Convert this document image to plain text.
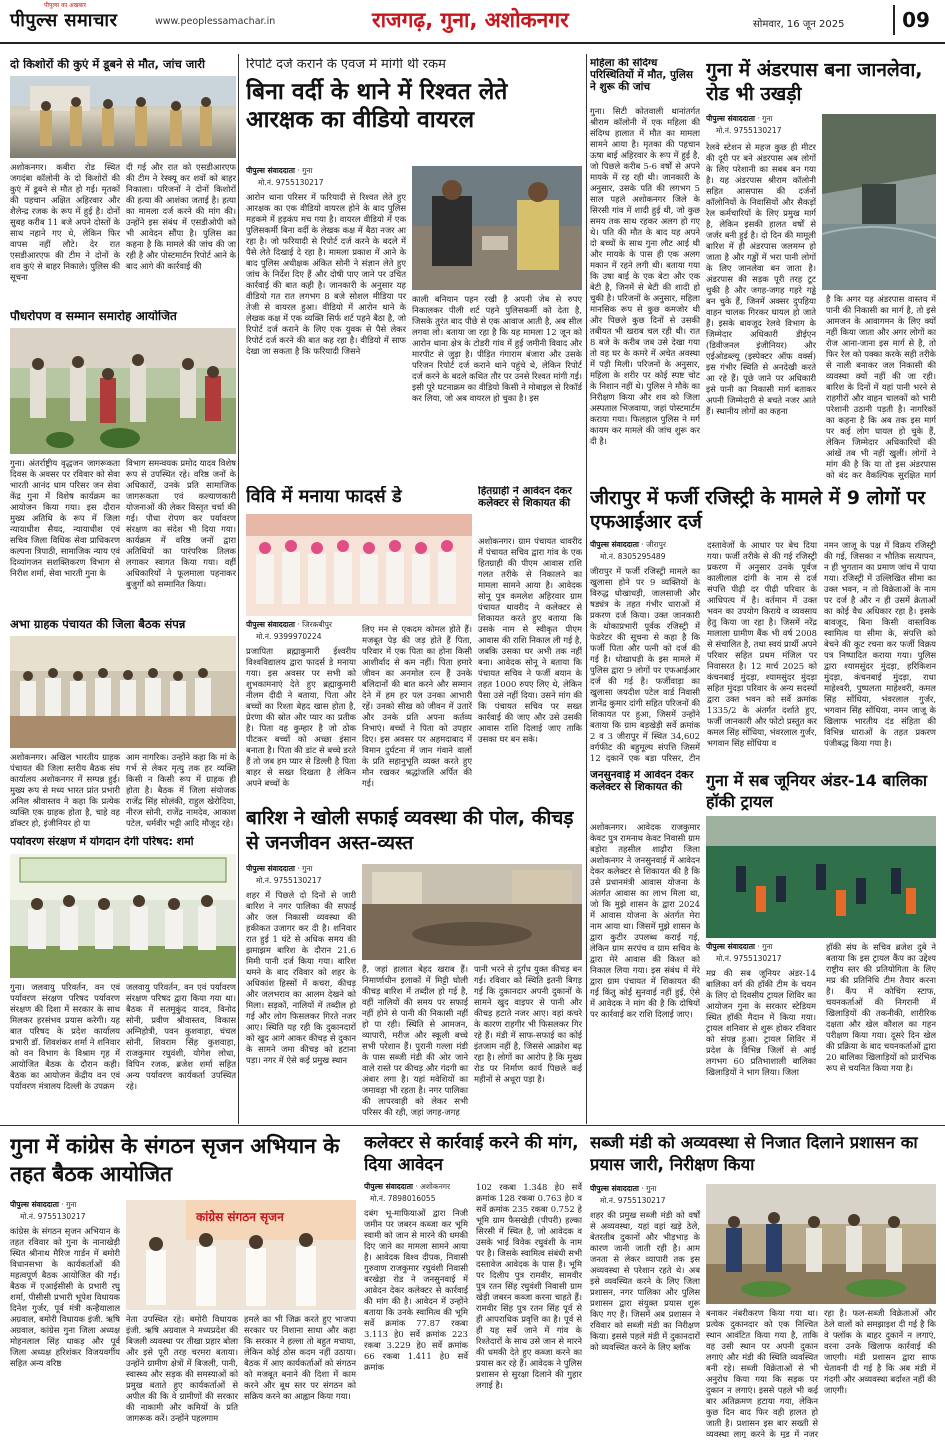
पीपुल्स समाचार
पीपुल्स का अखबार
www.peoplessamachar.in	राजगढ़, गुना, अशोकनगर	सोमवार, 16 जून 2025	09
दो किशोरों की कुएं में डूबने से मौत, जांच जारी
अशोकनगर। कबीरा रोड स्थित जगदंबा कॉलोनी के दो किशोरों की कुएं में डूबने से मौत हो गई। मृतकों की पहचान अक्षित अहिरवार और शैलेन्द्र रजक के रूप में हुई है। दोनों सुबह करीब 11 बजे अपने दोस्तों के साथ नहाने गए थे, लेकिन फिर वापस नहीं लौटे। देर रात एसडीआरएफ की टीम ने दोनों के शव कुएं से बाहर निकाले। पुलिस की सूचना
दी गई और रात को एसडीआरएफ की टीम ने रेस्क्यू कर शवों को बाहर निकाला। परिजनों ने दोनों किशोरों की हत्या की आशंका जताई है। हत्या का मामला दर्ज करने की मांग की। उन्होंने इस संबंध में एसडीओपी को भी आवेदन सौंपा है। पुलिस का कहना है कि मामले की जांच की जा रही है और पोस्टमार्टम रिपोर्ट आने के बाद आगे की कार्रवाई की
पौधरोपण व सम्मान समारोह आयोजित
गुना। अंतर्राष्ट्रीय वृद्धजन जागरूकता दिवस के अवसर पर रविवार को सेवा भारती आनंद धाम परिसर जन सेवा केंद्र गुना में विशेष कार्यक्रम का आयोजन किया गया। इस दौरान मुख्य अतिथि के रूप में जिला न्यायाधीश सैयद, न्यायाधीश एवं सचिव जिला विधिक सेवा प्राधिकरण कल्पना त्रिपाठी, सामाजिक न्याय एवं दिव्यांगजन सशक्तिकरण विभाग से निरीश शर्मा, सेवा भारती गुना के
विभाग समन्वयक प्रमोद यादव विशेष रूप से उपस्थित रहे। वरिष्ठ जनों के अधिकारों, उनके प्रति सामाजिक जागरूकता एवं कल्याणकारी योजनाओं की लेकर विस्तृत चर्चा की गई। पौधा रोपण कर पर्यावरण संरक्षण का संदेश भी दिया गया। कार्यक्रम में वरिष्ठ जनों द्वारा अतिथियों का पारंपरिक तिलक लगाकर स्वागत किया गया। वहीं अधिकारियों ने फूलमाला पहनाकर बुजुर्गों को सम्मानित किया।
अभा ग्राहक पंचायत की जिला बैठक संपन्न
अशोकनगर। अखिल भारतीय ग्राहक पंचायत की जिला स्तरीय बैठक संघ कार्यालय अशोकनगर में सम्पन्न हुई। मुख्य रूप से मध्य भारत प्रांत प्रभारी अनिल श्रीवास्तव ने कहा कि प्रत्येक व्यक्ति एक ग्राहक होता है, चाहे वह डॉक्टर हो, इंजीनियर हो या
आम नागरिक। उन्होंने कहा कि मां के गर्भ से लेकर मृत्यु तक हर व्यक्ति किसी न किसी रूप में ग्राहक ही होता है। बैठक में जिला संयोजक राजेंद्र सिंह सोलंकी, राहुल खेरोदिया, नीरज सोनी, राजेंद्र नामदेव, आकाश पटेल, धर्मवीर भट्टी आदि मौजूद रहे।
पर्यावरण संरक्षण में योगदान देगी परिषद: शर्मा
गुना। जलवायु परिवर्तन, वन एवं पर्यावरण संरक्षण परिषद पर्यावरण संरक्षण की दिशा में सरकार के साथ मिलकर हरसंभव प्रयास करेगी। यह बात परिषद के प्रदेश कार्यालय प्रभारी डॉ. शिवशंकर शर्मा ने शनिवार को वन विभाग के विश्राम गृह में आयोजित बैठक के दौरान कही। बैठक का आयोजन केंद्रीय वन एवं पर्यावरण मंत्रालय दिल्ली के उपक्रम
जलवायु परिवर्तन, वन एवं पर्यावरण संरक्षण परिषद द्वारा किया गया था। बैठक में सतमुकुंद यादव, विनोद सोनी, प्रवीण श्रीवास्तव, विकास अग्निहोत्री, पवन कुशवाहा, चंचल सोनी, शिवराम सिंह कुशवाहा, राजकुमार रघुवंशी, योगेश लोधा, विपिन रजक, ब्रजेश शर्मा सहित अन्य पर्यावरण कार्यकर्ता उपस्थित रहे।
रिपोर्ट दर्ज कराने के एवज में मांगी थी रकम
बिना वर्दी के थाने में रिश्वत लेते आरक्षक का वीडियो वायरल
पीपुल्स संवाददाता · गुना
मो.नं. 9755130217
आरोन थाना परिसर में फरियादी से रिश्वत लेते हुए आरक्षक का एक वीडियो वायरल होने के बाद पुलिस महकमे में हड़कंप मच गया है। वायरल वीडियो में एक पुलिसकर्मी बिना वर्दी के लेखक कक्ष में बैठा नजर आ रहा है। जो फरियादी से रिपोर्ट दर्ज करने के बदले में पैसे लेते दिखाई दे रहा है। मामला प्रकाश में आने के बाद पुलिस अधीक्षक अंकित सोनी ने संज्ञान लेते हुए जांच के निर्देश दिए हैं और दोषी पाए जाने पर उचित कार्रवाई की बात कही है। जानकारी के अनुसार यह वीडियो गत रात लगभग 8 बजे सोशल मीडिया पर तेजी से वायरल हुआ। वीडियो में आरोन थाने के लेखक कक्ष में एक व्यक्ति सिर्फ शर्ट पहने बैठा है, जो रिपोर्ट दर्ज कराने के लिए एक युवक से पैसे लेकर रिपोर्ट दर्ज करने की बात कह रहा है। वीडियो में साफ देखा जा सकता है कि फरियादी जिसने
काली बनियान पहन रखी है अपनी जेब से रुपए निकालकर पीली शर्ट पहने पुलिसकर्मी को देता है, जिसके तुरंत बाद पीछे से एक आवाज आती है, अब सील लगवा लो। बताया जा रहा है कि यह मामला 12 जून को आरोन थाना क्षेत्र के टोडरी गांव में हुई जमीनी विवाद और मारपीट से जुड़ा है। पीड़ित गंगाराम बंजारा और उसके परिजन रिपोर्ट दर्ज कराने थाने पहुंचे थे, लेकिन रिपोर्ट दर्ज करने के बदले कथित तौर पर उनसे रिश्वत मांगी गई। इसी पूरे घटनाक्रम का वीडियो किसी ने मोबाइल से रिकॉर्ड कर लिया, जो अब वायरल हो चुका है। इस
महिला की संदिग्ध परिस्थितियों में मौत, पुलिस ने शुरू की जांच
गुना। सिटी कोतवाली थानांतर्गत श्रीराम कॉलोनी में एक महिला की संदिग्ध हालात में मौत का मामला सामने आया है। मृतका की पहचान ऊषा बाई अहिरवार के रूप में हुई है, जो पिछले करीब 5-6 वर्षों से अपने मायके में रह रही थी। जानकारी के अनुसार, उसके पति की लगभग 5 साल पहले अशोकनगर जिले के सिरसी गांव में शादी हुई थी, जो कुछ समय तक साथ रहकर अलग हो गए थे। पति की मौत के बाद यह अपने दो बच्चों के साथ गुना लौट आई थी और मायके के पास ही एक अलग मकान में रहने लगी थी। बताया गया कि उषा बाई के एक बेटा और एक बेटी है, जिनमें से बेटी की शादी हो चुकी है। परिजनों के अनुसार, महिला मानसिक रूप से कुछ कमजोर थी और पिछले कुछ दिनों से उसकी तबीयत भी खराब चल रही थी। रात 8 बजे के करीब जब उसे देखा गया तो वह घर के कमरे में अचेत अवस्था में पड़ी मिली। परिजनों के अनुसार, महिला के शरीर पर कोई स्पष्ट चोट के निशान नहीं थे। पुलिस ने मौके का निरीक्षण किया और शव को जिला अस्पताल भिजवाया, जहां पोस्टमार्टम कराया गया। फिलहाल पुलिस ने मर्ग कायम कर मामले की जांच शुरू कर दी है।
गुना में अंडरपास बना जानलेवा, रोड भी उखड़ी
पीपुल्स संवाददाता · गुना
मो.नं. 9755130217
रेलवे स्टेशन से महज कुछ ही मीटर की दूरी पर बने अंडरपास अब लोगों के लिए परेशानी का सबब बन गया है। यह अंडरपास श्रीराम कॉलोनी सहित आसपास की दर्जनों कॉलोनियों के निवासियों और सैकड़ों रेल कर्मचारियों के लिए प्रमुख मार्ग है, लेकिन इसकी हालत वर्षों से जर्जर बनी हुई है। दो दिन की मामूली बारिश में ही अंडरपास जलमग्न हो जाता है और गड्ढों में भरा पानी लोगों के लिए जानलेवा बन जाता है। अंडरपास की सड़क पूरी तरह टूट चुकी है और जगह-जगह गहरे गड्ढे बन चुके हैं, जिनमें अक्सर दुपहिया वाहन चालक गिरकर घायल हो जाते हैं। इसके बावजूद रेलवे विभाग के जिम्मेदार अधिकारी डीईएन (डिवीजनल इंजीनियर) और एईओडब्ल्यू (इस्पेक्टर ऑफ वर्क्स) इस गंभीर स्थिति से अनदेखी करते आ रहे हैं। पूछे जाने पर अधिकारी इसे पानी का निकासी मार्ग बताकर अपनी जिम्मेदारी से बचते नजर आते हैं। स्थानीय लोगों का कहना
है कि अगर यह अंडरपास वास्तव में पानी की निकासी का मार्ग है, तो इसे आमजन के आवागमन के लिए क्यों नहीं किया जाता और अगर लोगों का रोज आना-जाना इस मार्ग से है, तो फिर रेल को पक्का करके सही तरीके से नाली बनाकर जल निकासी की व्यवस्था क्यों नहीं की जा रही। बारिश के दिनों में यहां पानी भरने से राहगीरों और वाहन चालकों को भारी परेशानी उठानी पड़ती है। नागरिकों का कहना है कि अब तक इस मार्ग पर कई लोग घायल हो चुके हैं, लेकिन जिम्मेदार अधिकारियों की आंखें तब भी नहीं खुलीं। लोगों ने मांग की है कि या तो इस अंडरपास को बंद कर वैकल्पिक सुरक्षित मार्ग
विवि में मनाया फादर्स डे
पीपुल्स संवाददाता · जिरकबीपुर
मो.नं. 9399970224
प्रजापिता ब्रह्माकुमारी ईश्वरीय विश्वविद्यालय द्वारा फादर्स डे मनाया गया। इस अवसर पर सभी को शुभकामनाएं देते हुए ब्रह्माकुमारी नीलम दीदी ने बताया, पिता और बच्चों का रिश्ता बेहद खास होता है, प्रेरणा की स्रोत और प्यार का प्रतीक है। पिता वह कुम्हार है जो ठोक पीटकर बच्चों को अच्छा इंसान बनाता है। पिता की डांट से बच्चे डरते हैं तो जब हम प्यार से डिल्ली है पिता बाहर से सख्त दिखता है लेकिन अपने बच्चों के
लिए मन से एकदम कोमल होते हैं। मजबूत पेड़ की जड़ होते हैं पिता, परिवार में एक पिता का होना किसी आशीर्वाद से कम नहीं। पिता हमारे जीवन का अनमोल रत्न हैं उनके बलिदानों की बात करने और सम्मान देने में हम हर पल उनका आभारी रहें। उनको सीख को जीवन में उतारें और उनके प्रति अपना कर्तव्य निभाएं। बच्चों ने पिता को उपहार दिए। इस अवसर पर अहमदाबाद में विमान दुर्घटना में जान गंवाने वालों के प्रति सहानुभूति व्यक्त करते हुए मौन रखकर श्रद्धांजलि अर्पित की गई।
हितग्राही ने आवेदन देकर कलेक्टर से शिकायत की
अशोकनगर। ग्राम पंचायत थावरीद में पंचायत सचिव द्वारा गांव के एक हितग्राही की पीएम आवास राशि गलत तरीके से निकालने का मामला सामने आया है। आवेदक सोनू पुत्र कमलेश अहिरवार ग्राम पंचायत थावरीद ने कलेक्टर से शिकायत करते हुए बताया कि उसके नाम से स्वीकृत पीएम आवास की राशि निकाल ली गई है, जबकि उसका घर अभी तक नहीं बना। आवेदक सोनू ने बताया कि पंचायत सचिव ने फर्जी बयान के तहत 1000 रुपए लिए थे, लेकिन पैसा उसे नहीं दिया। उसने मांग की कि पंचायत सचिव पर सख्त कार्रवाई की जाए और उसे उसकी आवास राशि दिलाई जाए ताकि उसका घर बन सके।
जीरापुर में फर्जी रजिस्ट्री के मामले में 9 लोगों पर एफआईआर दर्ज
पीपुल्स संवाददाता · जीरापुर
मो.नं. 8305295489
जीरापुर में फर्जी रजिस्ट्री मामले का खुलासा होने पर 9 व्यक्तियों के विरुद्ध धोखाधड़ी, जालसाजी और षड्यंत्र के तहत गंभीर धाराओं में प्रकरण दर्ज किया। उक्त जानकारी के थोकाप्रभारी पूर्वक रजिस्ट्री में फेडरेटर की सूचना से कहा है कि फर्जी पिता और पत्नी को दर्ज की गई है। धोखाधड़ी के इस मामले में पुलिस द्वारा 9 लोगों पर एफआईआर दर्ज की गई है। फर्जीवाड़ा का खुलासा जयदीश पटेल वार्ड निवासी ज्ञानेंद्र कुमार दांगी सहित परिजनों की शिकायत पर हुआ, जिसमें उन्होंने बताया कि ग्राम बड़खेड़ी सर्वे क्रमांक 2 व 3 जीरापुर में स्थित 34,602 वर्गफीट की बहुमूल्य संपत्ति जिसमें 12 दुकानें एक बड़ा परिसर, टीन
दस्तावेजों के आधार पर बेच दिया गया। फर्जी तरीके से की गई रजिस्ट्री प्रकरण में अनुसार उनके पूर्वज कालीलाल दांगी के नाम से दर्ज संपत्ति पीढ़ी दर पीढ़ी परिवार के आधिपत्य में है। वर्तमान में उक्त भवन का उपयोग किराये व व्यवसाय हेतु किया जा रहा है। जिसमें नरेंद्र मालाला ग्रामीण बैंक भी वर्ष 2008 से संचालित है, तथा स्वयं प्रार्थी अपने परिवार सहित प्रथम मंजिल पर निवासरत है। 12 मार्च 2025 को कंचनबाई मुंदड़ा, श्यामसुंदर मुंदड़ा सहित मुंदड़ा परिवार के अन्य सदस्यों द्वारा उक्त भवन को सर्वे क्रमांक 1335/2 के अंतर्गत दर्शाते हुए, फर्जी जानकारी और फोटो प्रस्तुत कर कमल सिंह सोंधिया, भंवरलाल गुर्जर, भगवान सिंह सोंधिया व
नमन जाजू के पक्ष में विक्रय रजिस्ट्री की गई, जिसका न भौतिक सत्यापन, न ही भुगतान का प्रमाण जांच में पाया गया। रजिस्ट्री में उल्लिखित सीमा का उक्त भवन, न तो विक्रेताओं के नाम पर दर्ज है और न ही उसमें क्रेताओं का कोई वैध अधिकार रहा है। इसके बावजूद, बिना किसी वास्तविक स्वामित्व या सीमा के, संपत्ति को बेचने की कूट रचना कर फर्जी विक्रय पत्र निष्पादित कराया गया। पुलिस द्वारा श्यामसुंदर मुंदड़ा, हरिकिशन मुंदड़ा, कंचनबाई मुंदड़ा, राधा माहेश्वरी, पुष्पलता माहेश्वरी, कमल सिंह सोंधिया, भंवरलाल गुर्जर, भगवान सिंह सोंधिया, नमन जाजू के खिलाफ भारतीय दंड संहिता की विभिन्न धाराओं के तहत प्रकरण पंजीबद्ध किया गया है।
बारिश ने खोली सफाई व्यवस्था की पोल, कीचड़ से जनजीवन अस्त-व्यस्त
पीपुल्स संवाददाता · गुना
मो.नं. 9755130217
शहर में पिछले दो दिनों से जारी बारिश ने नगर पालिका की सफाई और जल निकासी व्यवस्था की हकीकत उजागर कर दी है। शनिवार रात हुई 1 घंटे से अधिक समय की झमाझम बारिश के दौरान 21.6 मिमी पानी दर्ज किया गया। बारिश थमने के बाद रविवार को शहर के अधिकांश हिस्सों में कचरा, कीचड़ और जलभराव का आलम देखने को मिला। सड़कों, नालियों में तब्दील हो गई और लोग फिसलकर गिरते नजर आए। स्थिति यह रही कि दुकानदारों को खुद आगे आकर कीचड़ से दुकान के सामने जमा कीचड़ को हटाना पड़ा। नगर में ऐसे कई प्रमुख स्थान
हैं, जहां हालात बेहद खराब हैं। निमार्णाधीन इलाकों में मिट्टी घोली कीचड़ बारिश में तब्दील हो गई है, वहीं नालियों की समय पर सफाई नहीं होने से पानी की निकासी नहीं हो पा रही। स्थिति से आमजन, व्यापारी, मरीज और स्कूली बच्चे सभी परेशान हैं। पुरानी गल्ला मंडी के पास सब्जी मंडी की ओर जाने वाले रास्ते पर कीचड़ और गंदगी का अंबार लगा है। यहां मवेशियों का जमावड़ा भी रहता है। नगर पालिका की लापरवाही को लेकर सभी परिसर की रही, जहां जगह-जगह
पानी भरने से दुर्गंध युक्त कीचड़ बन गई। रविवार को स्थिति इतनी बिगड़ गई कि दुकानदार अपनी दुकानों के सामने खुद वाइपर से पानी और कीचड़ हटाते नजर आए। वहां कचरे के कारण राहगीर भी फिसलकर गिर रहे हैं। मंडी में साफ-सफाई का कोई इंतजाम नहीं है, जिससे आक्रोश बढ़ रहा है। लोगों का आरोप है कि मुख्य रोड पर निर्माण कार्य पिछले कई महीनों से अधूरा पड़ा है।
जनसुनवाई में आवेदन देकर कलेक्टर से शिकायत की
अशोकनगर। आवेदक राजकुमार केवट पुत्र रामनाथ केवट निवासी ग्राम बड़ोरा तहसील शाढ़ौरा जिला अशोकनगर ने जनसुनवाई में आवेदन देकर कलेक्टर से शिकायत की है कि उसे प्रधानमंत्री आवास योजना के अंतर्गत आवास का लाभ मिला था, जो कि मुझे शासन के द्वारा 2024 में आवास योजना के अंतर्गत मेरा नाम आया था। जिसमें मुझे शासन के द्वारा कुटीर उपलब्ध कराई गई, लेकिन ग्राम सरपंच व ग्राम सचिव के द्वारा मेरे आवास की किश्त को निकाल लिया गया। इस संबंध में मेरे द्वारा ग्राम पंचायत में शिकायत की गई किंतु कोई सुनवाई नहीं हुई, ऐसे में आवेदक ने मांग की है कि दोषियों पर कार्रवाई कर राशि दिलाई जाए।
गुना में सब जूनियर अंडर-14 बालिका हॉकी ट्रायल
पीपुल्स संवाददाता · गुना
मो.नं. 9755130217
मप्र की सब जूनियर अंडर-14 बालिका वर्ग की हॉकी टीम के चयन के लिए दो दिवसीय ट्रायल शिविर का आयोजन गुना के सरकार स्टेडियम स्थित हॉकी मैदान में किया गया। ट्रायल शनिवार से शुरू होकर रविवार को संपन्न हुआ। ट्रायल शिविर में प्रदेश के विभिन्न जिलों से आई लगभग 60 प्रतिभाशाली बालिका खिलाड़ियों ने भाग लिया। जिला
हॉकी संघ के सचिव ब्रजेश दुबे ने बताया कि इस ट्रायल कैंप का उद्देश्य राष्ट्रीय स्तर की प्रतियोगिता के लिए मप्र की प्रतिनिधि टीम तैयार करना है। कैंप में कोचिंग स्टाफ, चयनकर्ताओं की निगरानी में खिलाड़ियों की तकनीकी, शारीरिक दक्षता और खेल कौशल का गहन परीक्षण किया गया। दूसरे दिन खेल की प्रक्रिया के बाद चयनकर्ताओं द्वारा 20 बालिका खिलाड़ियों को प्रारंभिक रूप से चयनित किया गया है।
गुना में कांग्रेस के संगठन सृजन अभियान के तहत बैठक आयोजित
पीपुल्स संवाददाता · गुना
मो.नं. 9755130217	कांग्रेस संगठन सृजन
कांग्रेस के संगठन सृजन अभियान के तहत रविवार को गुना के नानाखेड़ी स्थित श्रीनाथ मैरिज गार्डन में बमोरी विधानसभा के कार्यकर्ताओं की महत्वपूर्ण बैठक आयोजित की गई। बैठक में एआईसीसी के प्रभारी रघु शर्मा, पीसीसी प्रभारी भूपेश विधायक दिनेश गुर्जर, पूर्व मंत्री कन्हैयालाल अग्रवाल, बमोरी विधायक इंजी. ऋषि अग्रवाल, कांग्रेस गुना जिला अध्यक्ष मोहनलाल सिंह धाकड़ और पूर्व जिला अध्यक्ष हरिशंकर विजयवर्गीय सहित अन्य वरिष्ठ
नेता उपस्थित रहे। बमोरी विधायक इंजी. ऋषि अग्रवाल ने मध्यप्रदेश की बिजली व्यवस्था पर तीखा प्रहार बोला और इसे पूरी तरह चरमरा बताया। उन्होंने ग्रामीण क्षेत्रों में बिजली, पानी, स्वास्थ्य और सड़क की समस्याओं को प्रमुख बताते हुए कार्यकर्ताओं से अपील की कि वे ग्रामीणों की सरकार की नाकामी और कमियों के प्रति जागरूक करें। उन्होंने पहलगाम
हमले का भी जिक्र करते हुए भाजपा सरकार पर निशाना साधा और कहा कि सरकार ने हल्ला तो बहुत मचाया, लेकिन कोई ठोस कदम नहीं उठाया। बैठक में आए कार्यकर्ताओं को संगठन को मजबूत बनाने की दिशा में काम करने और बूथ स्तर पर संगठन को सक्रिय करने का आह्वान किया गया।
कलेक्टर से कार्रवाई करने की मांग, दिया आवेदन
पीपुल्स संवाददाता · अशोकनगर
मो.नं. 7898016055
दबंग भू-माफियाओं द्वारा निजी जमीन पर जबरन कब्जा कर भूमि स्वामी को जान से मारने की धमकी दिए जाने का मामला सामने आया है। आवेदक विश्व दीपक, निवासी गुरुवाण राजकुमार रघुवंशी निवासी बरखेड़ा रोड ने जनसुनवाई में आवेदन देकर कलेक्टर से कार्रवाई की मांग की है। आवेदन में उन्होंने बताया कि उनके स्वामित्व की भूमि सर्वे क्रमांक 77.87 रकबा 3.113 हे0 सर्वे क्रमांक 223 रकबा 3.229 हे0 सर्वे क्रमांक 66 रकबा 1.411 हे0 सर्वे क्रमांक
102 रकबा 1.348 हे0 सर्वे क्रमांक 128 रकबा 0.763 हे0 व सर्वे क्रमांक 235 रकबा 0.752 हे भूमि ग्राम फैसखेड़ी (पीपरी) हल्का सिरसी में स्थित है, जो आवेदक व उसके भाई विवेक रघुवंशी के नाम पर है। जिसके स्वामित्व संबंधी सभी दस्तावेज आवेदक के पास हैं। भूमि पर दिलीप पुत्र रामवीर, सामवीर पुत्र रतन सिंह रघुवंशी निवासी ग्राम खेड़ी जबरन कब्जा करना चाहते हैं। रामवीर सिंह पुत्र रतन सिंह पूर्व से ही आपराधिक प्रवृत्ति का है। पूर्व से ही यह सर्वे जाने में गांव के रिश्तेदारों के साथ उसे जान से मारने की धमकी देते हुए कब्जा करने का प्रयास कर रहे हैं। आवेदक ने पुलिस प्रशासन से सुरक्षा दिलाने की गुहार लगाई है।
सब्जी मंडी को अव्यवस्था से निजात दिलाने प्रशासन का प्रयास जारी, निरीक्षण किया
पीपुल्स संवाददाता · गुना
मो.नं. 9755130217
शहर की प्रमुख सब्जी मंडी को वर्षों से अव्यवस्था, यहां वहां खड़े ठेले, बेतरतीब दुकानों और भीड़भाड़ के कारण जानी जाती रही है। आम जनता से लेकर व्यापारी तक इस अव्यवस्था से परेशान रहते थे। अब इसे व्यवस्थित करने के लिए जिला प्रशासन, नगर पालिका और पुलिस प्रशासन द्वारा संयुक्त प्रयास शुरू किए गए हैं। जिसमें अब प्रशासन ने रविवार को सब्जी मंडी का निरीक्षण किया। इससे पहले मंडी में दुकानदारों को व्यवस्थित करने के लिए ब्लॉक
बनाकर नंबरीकरण किया गया था। प्रत्येक दुकानदार को एक निश्चित स्थान आवंटित किया गया है, ताकि वह उसी स्थान पर अपनी दुकान लगाएं और मंडी की स्थिति व्यवस्थित बनी रहे। सब्जी विक्रेताओं से भी अनुरोध किया गया कि सड़क पर दुकान न लगाएं। इससे पहले भी कई बार अतिक्रमण हटाया गया, लेकिन कुछ दिन बाद फिर वही हालत हो जाती है। प्रशासन इस बार सख्ती से व्यवस्था लागू करने के मूड में नजर
रहा है। फल-सब्जी विक्रेताओं और ठेले वालों को समझाइश दी गई है कि वे फ्लॉक के बाहर दुकानें न लगाएं, वरना उनके खिलाफ कार्रवाई की जाएगी। मंडी प्रशासन द्वारा साफ चेतावनी दी गई है कि अब मंडी में गंदगी और अव्यवस्था बर्दाश्त नहीं की जाएगी।
